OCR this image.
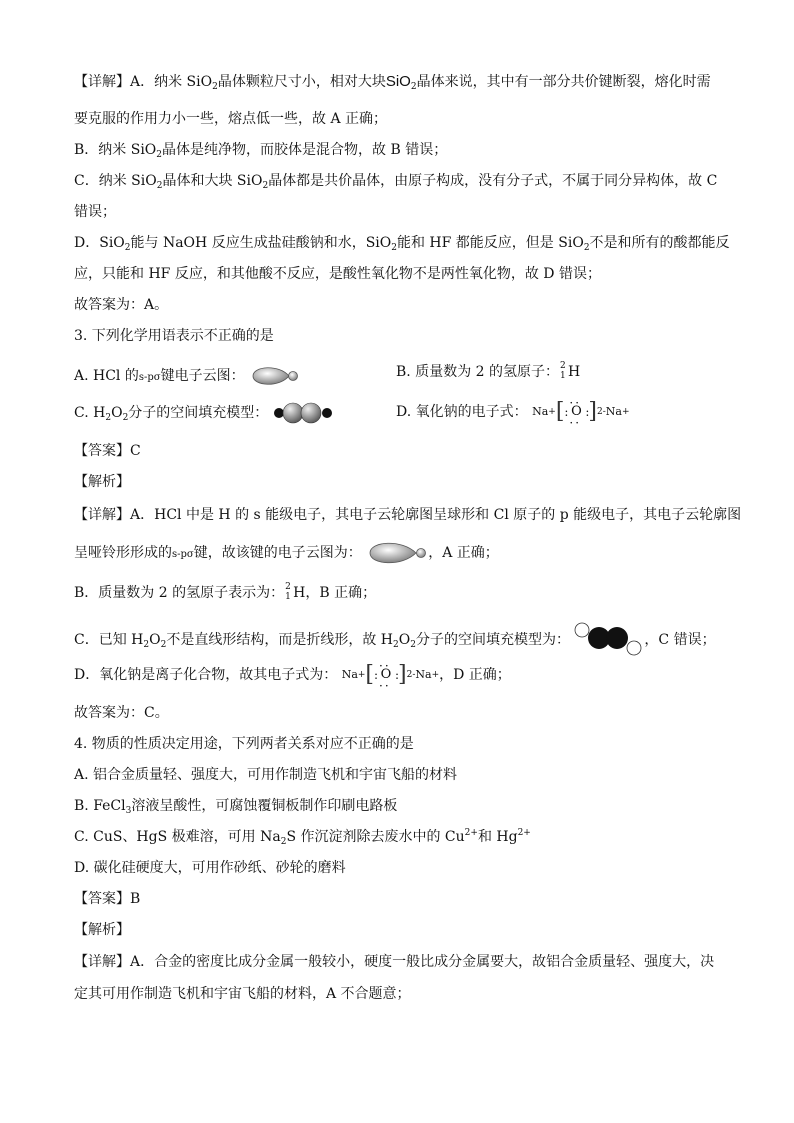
【详解】A．纳米 SiO$_2$晶体颗粒尺寸小，相对大块SiO$_2$晶体来说，其中有一部分共价键断裂，熔化时需
要克服的作用力小一些，熔点低一些，故 A 正确；
B．纳米 SiO$_2$晶体是纯净物，而胶体是混合物，故 B 错误；
C．纳米 SiO$_2$晶体和大块 SiO$_2$晶体都是共价晶体，由原子构成，没有分子式，不属于同分异构体，故 C
错误；
D．SiO$_2$能与 NaOH 反应生成盐硅酸钠和水，SiO$_2$能和 HF 都能反应，但是 SiO$_2$不是和所有的酸都能反
应，只能和 HF 反应，和其他酸不反应，是酸性氧化物不是两性氧化物，故 D 错误；
故答案为：A。
3. 下列化学用语表示不正确的是
A. HCl 的s-pσ键电子云图：	B. 质量数为 2 的氢原子： 2
1 H
C. $H_2O_2$分子的空间填充模型：	D. 氧化钠的电子式： Na + [ : ·· O ·· :
] 2- Na +
【答案】C
【解析】
【详解】A．HCl 中是 H 的 s 能级电子，其电子云轮廓图呈球形和 Cl 原子的 p 能级电子，其电子云轮廓图
呈哑铃形形成的s-pσ键，故该键的电子云图为：	，A 正确；
B．质量数为 2 的氢原子表示为： 2
1 H，B 正确；
C．已知 $H_2O_2$不是直线形结构，而是折线形，故 $H_2O_2$分子的空间填充模型为：	，C 错误；
D．氧化钠是离子化合物，故其电子式为： Na + [ : ·· O ·· :
] 2- Na + ，D 正确；
故答案为：C。
4. 物质的性质决定用途，下列两者关系对应不正确的是
A. 铝合金质量轻、强度大，可用作制造飞机和宇宙飞船的材料
B. FeCl$_3$溶液呈酸性，可腐蚀覆铜板制作印刷电路板
C. CuS、HgS 极难溶，可用 $Na_2S$ 作沉淀剂除去废水中的 $Cu^{2+}$和 $Hg^{2+}$
D. 碳化硅硬度大，可用作砂纸、砂轮的磨料
【答案】B
【解析】
【详解】A．合金的密度比成分金属一般较小，硬度一般比成分金属要大，故铝合金质量轻、强度大，决
定其可用作制造飞机和宇宙飞船的材料，A 不合题意；
